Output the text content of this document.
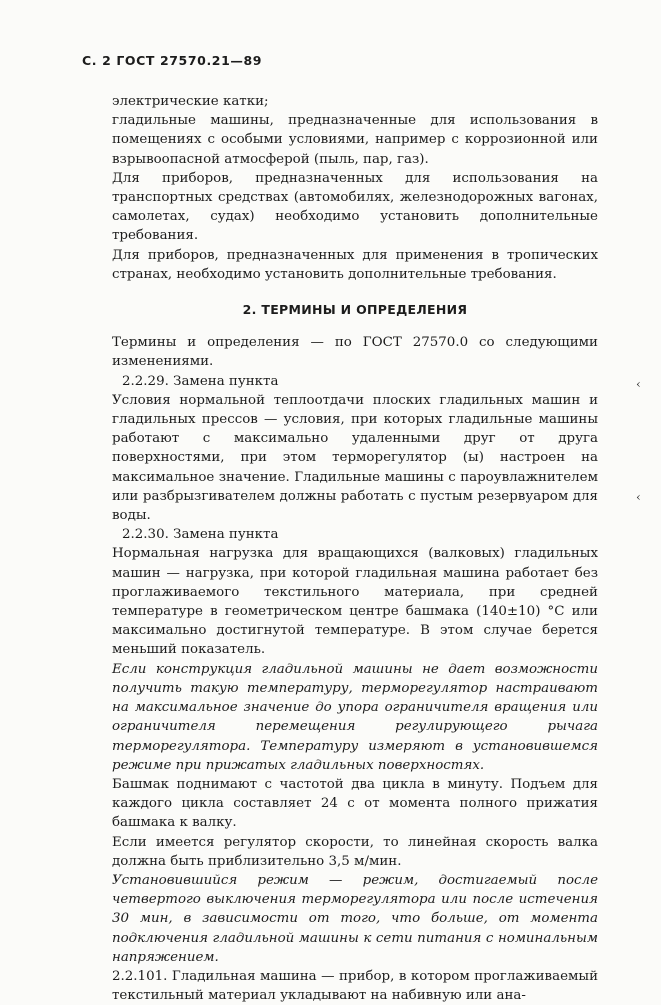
С. 2 ГОСТ 27570.21—89

электрические катки;

гладильные машины, предназначенные для использования в помещениях с особыми условиями, например с коррозионной или взрывоопасной атмосферой (пыль, пар, газ).

Для приборов, предназначенных для использования на транспортных средствах (автомобилях, железнодорожных вагонах, самолетах, судах) необходимо установить дополнительные требования.

Для приборов, предназначенных для применения в тропических странах, необходимо установить дополнительные требования.

2. ТЕРМИНЫ И ОПРЕДЕЛЕНИЯ

Термины и определения — по ГОСТ 27570.0 со следующими изменениями.

2.2.29. Замена пункта

Условия нормальной теплоотдачи плоских гладильных машин и гладильных прессов — условия, при которых гладильные машины работают с максимально удаленными друг от друга поверхностями, при этом терморегулятор (ы) настроен на максимальное значение. Гладильные машины с пароувлажнителем или разбрызгивателем должны работать с пустым резервуаром для воды.

2.2.30. Замена пункта

Нормальная нагрузка для вращающихся (валковых) гладильных машин — нагрузка, при которой гладильная машина работает без проглаживаемого текстильного материала, при средней температуре в геометрическом центре башмака (140±10) °С или максимально достигнутой температуре. В этом случае берется меньший показатель.

Если конструкция гладильной машины не дает возможности получить такую температуру, терморегулятор настраивают на максимальное значение до упора ограничителя вращения или ограничителя перемещения регулирующего рычага терморегулятора. Температуру измеряют в установившемся режиме при прижатых гладильных поверхностях.

Башмак поднимают с частотой два цикла в минуту. Подъем для каждого цикла составляет 24 с от момента полного прижатия башмака к валку.

Если имеется регулятор скорости, то линейная скорость валка должна быть приблизительно 3,5 м/мин.

Установившийся режим — режим, достигаемый после четвертого выключения терморегулятора или после истечения 30 мин, в зависимости от того, что больше, от момента подключения гладильной машины к сети питания с номинальным напряжением.

2.2.101. Гладильная машина — прибор, в котором проглаживаемый текстильный материал укладывают на набивную или ана-

‹
‹
